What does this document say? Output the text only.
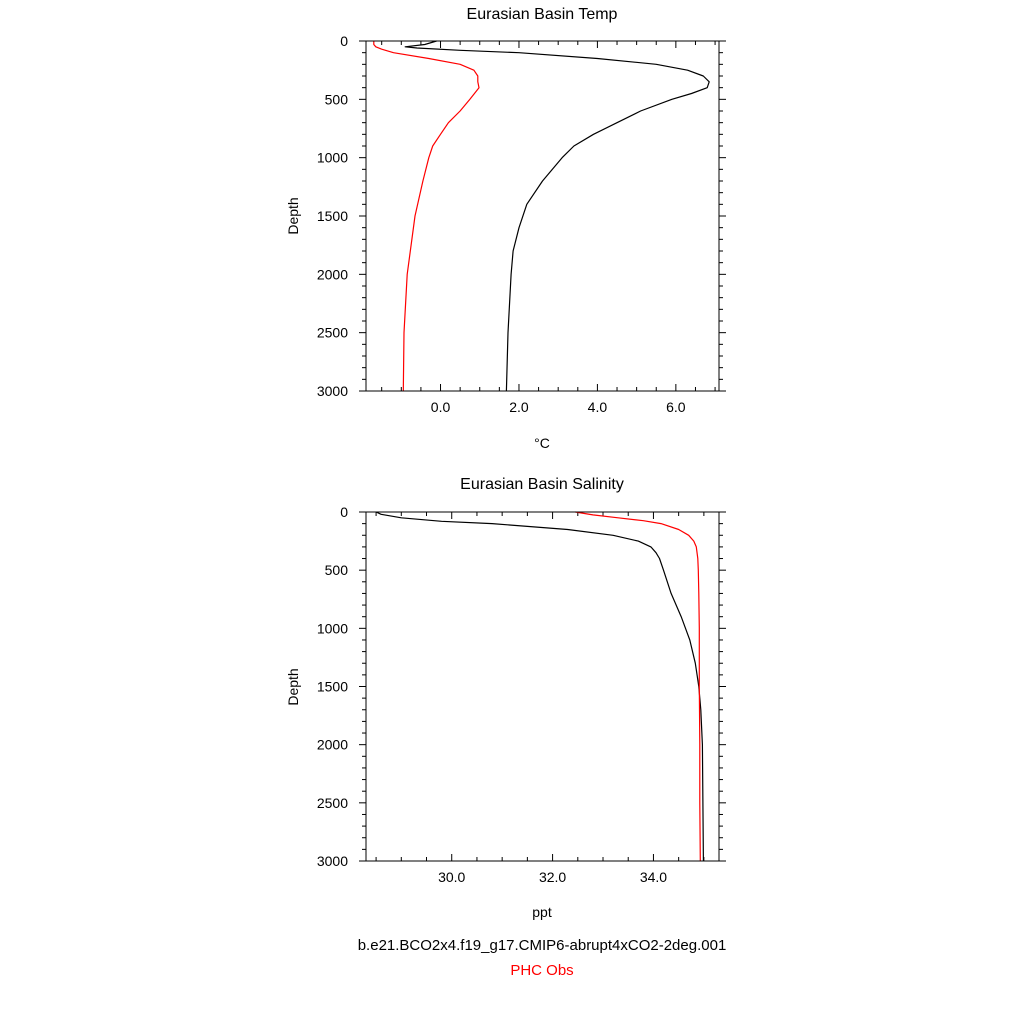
Eurasian Basin Temp
Depth
°C
0.0	2.0	4.0	6.0
0
500
1000
1500
2000
2500
3000
Eurasian Basin Salinity
Depth
ppt
30.0	32.0	34.0
0
500
1000
1500
2000
2500
3000
b.e21.BCO2x4.f19_g17.CMIP6-abrupt4xCO2-2deg.001
PHC Obs
